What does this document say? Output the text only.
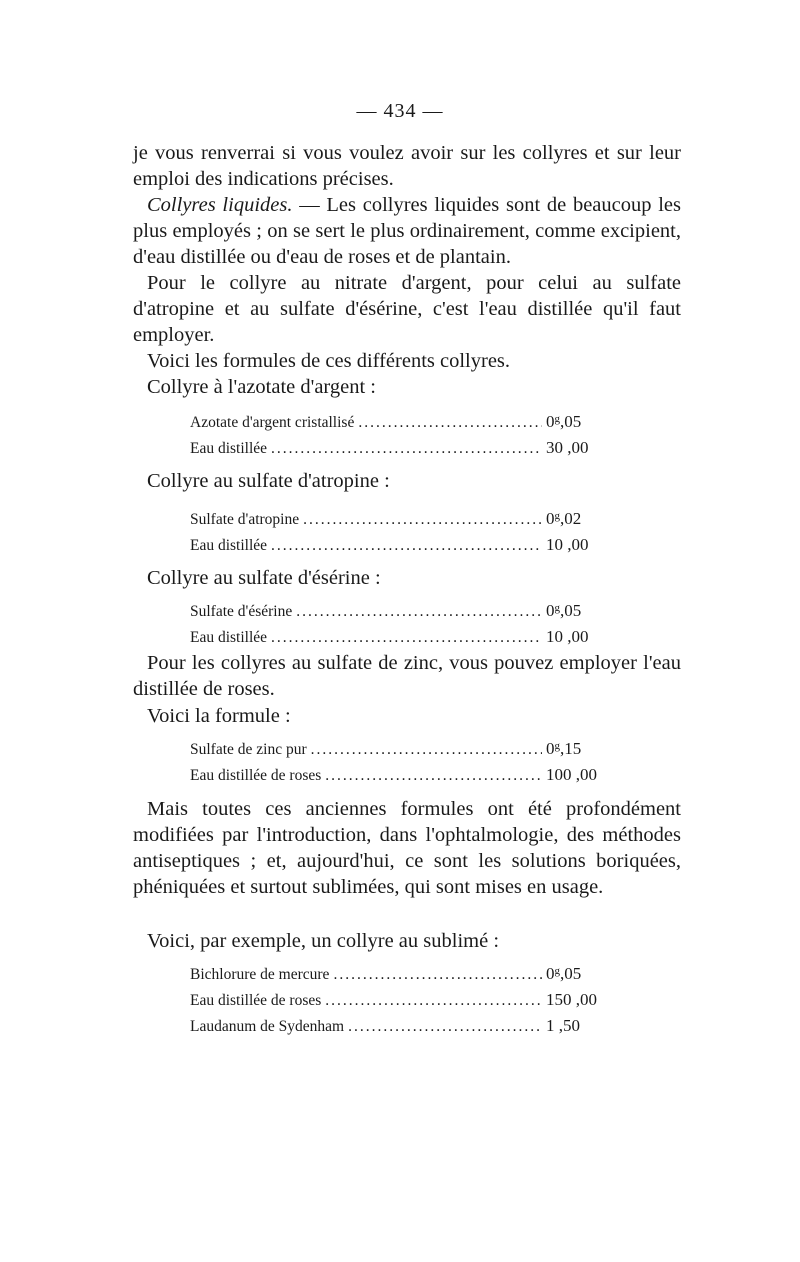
— 434 —
je vous renverrai si vous voulez avoir sur les collyres et sur leur emploi des indications précises.
Collyres liquides. — Les collyres liquides sont de beaucoup les plus employés ; on se sert le plus ordinairement, comme excipient, d'eau distillée ou d'eau de roses et de plantain.
Pour le collyre au nitrate d'argent, pour celui au sulfate d'atropine et au sulfate d'ésérine, c'est l'eau distillée qu'il faut employer.
Voici les formules de ces différents collyres.
Collyre à l'azotate d'argent :
Azotate d'argent cristallisé .....	0$^g$,05
Eau distillée .....	30 ,00
Collyre au sulfate d'atropine :
Sulfate d'atropine .....	0$^g$,02
Eau distillée .....	10 ,00
Collyre au sulfate d'ésérine :
Sulfate d'ésérine .....	0$^g$,05
Eau distillée .....	10 ,00
Pour les collyres au sulfate de zinc, vous pouvez employer l'eau distillée de roses.
Voici la formule :
Sulfate de zinc pur .....	0$^g$,15
Eau distillée de roses .....	100 ,00
Mais toutes ces anciennes formules ont été profondément modifiées par l'introduction, dans l'ophtalmologie, des méthodes antiseptiques ; et, aujourd'hui, ce sont les solutions boriquées, phéniquées et surtout sublimées, qui sont mises en usage.
Voici, par exemple, un collyre au sublimé :
Bichlorure de mercure .....	0$^g$,05
Eau distillée de roses .....	150 ,00
Laudanum de Sydenham .....	1 ,50
